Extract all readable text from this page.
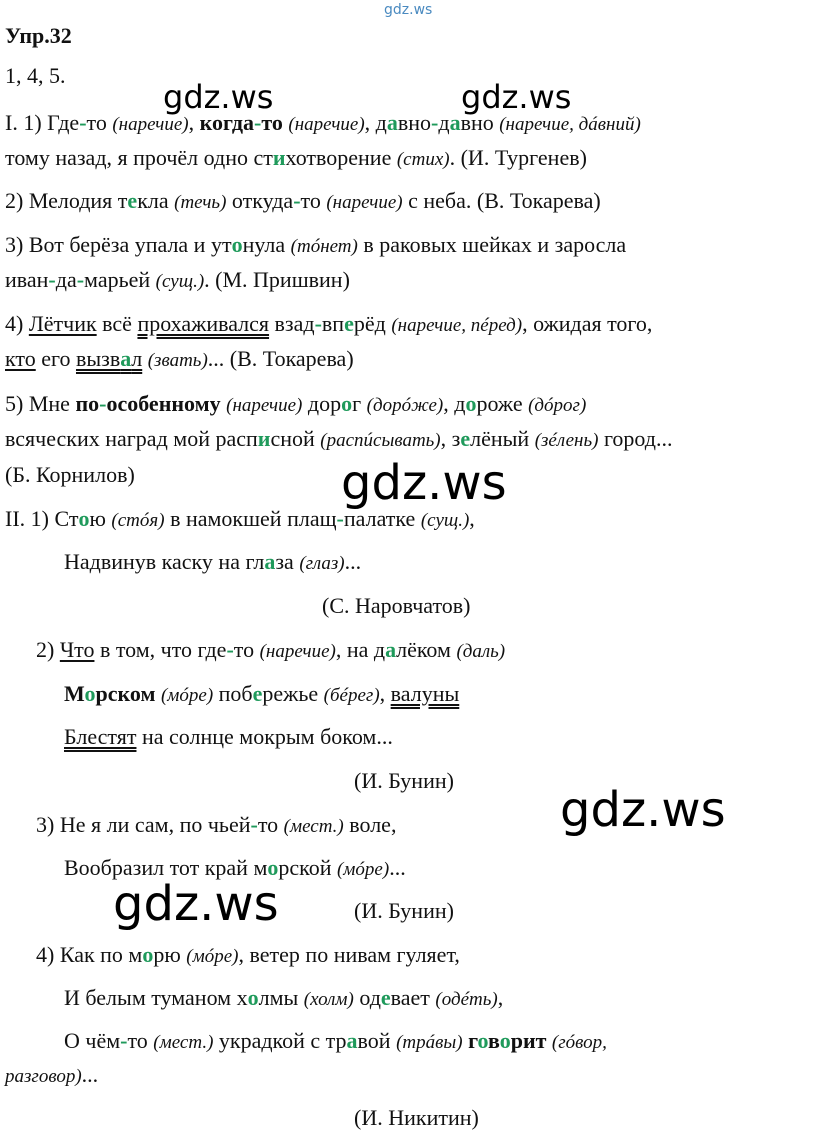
gdz.ws
gdz.ws	gdz.ws
gdz.ws
gdz.ws
gdz.ws
Упр.32
1, 4, 5.
I. 1) Где-то (наречие), когда-то (наречие), давно-давно (наречие, дáвний)
тому назад, я прочёл одно стихотворение (стих). (И. Тургенев)
2) Мелодия текла (течь) откуда-то (наречие) с неба. (В. Токарева)
3) Вот берёза упала и утонула (тóнет) в раковых шейках и заросла
иван-да-марьей (сущ.). (М. Пришвин)
4) Лётчик всё прохаживался взад-вперёд (наречие, пéред), ожидая того,
кто его вызвал (звать)... (В. Токарева)
5) Мне по-особенному (наречие) дорог (дорóже), дороже (дóрог)
всяческих наград мой расписной (распúсывать), зелёный (зéлень) город...
(Б. Корнилов)
II. 1) Стою (стóя) в намокшей плащ-палатке (сущ.),
Надвинув каску на глаза (глаз)...
(С. Наровчатов)
2) Что в том, что где-то (наречие), на далёком (даль)
Морском (мóре) побережье (бéрег), валуны
Блестят на солнце мокрым боком...
(И. Бунин)
3) Не я ли сам, по чьей-то (мест.) воле,
Вообразил тот край морской (мóре)...
(И. Бунин)
4) Как по морю (мóре), ветер по нивам гуляет,
И белым туманом холмы (холм) одевает (одéть),
О чём-то (мест.) украдкой с травой (трáвы) говорит (гóвор,
разговор)...
(И. Никитин)
